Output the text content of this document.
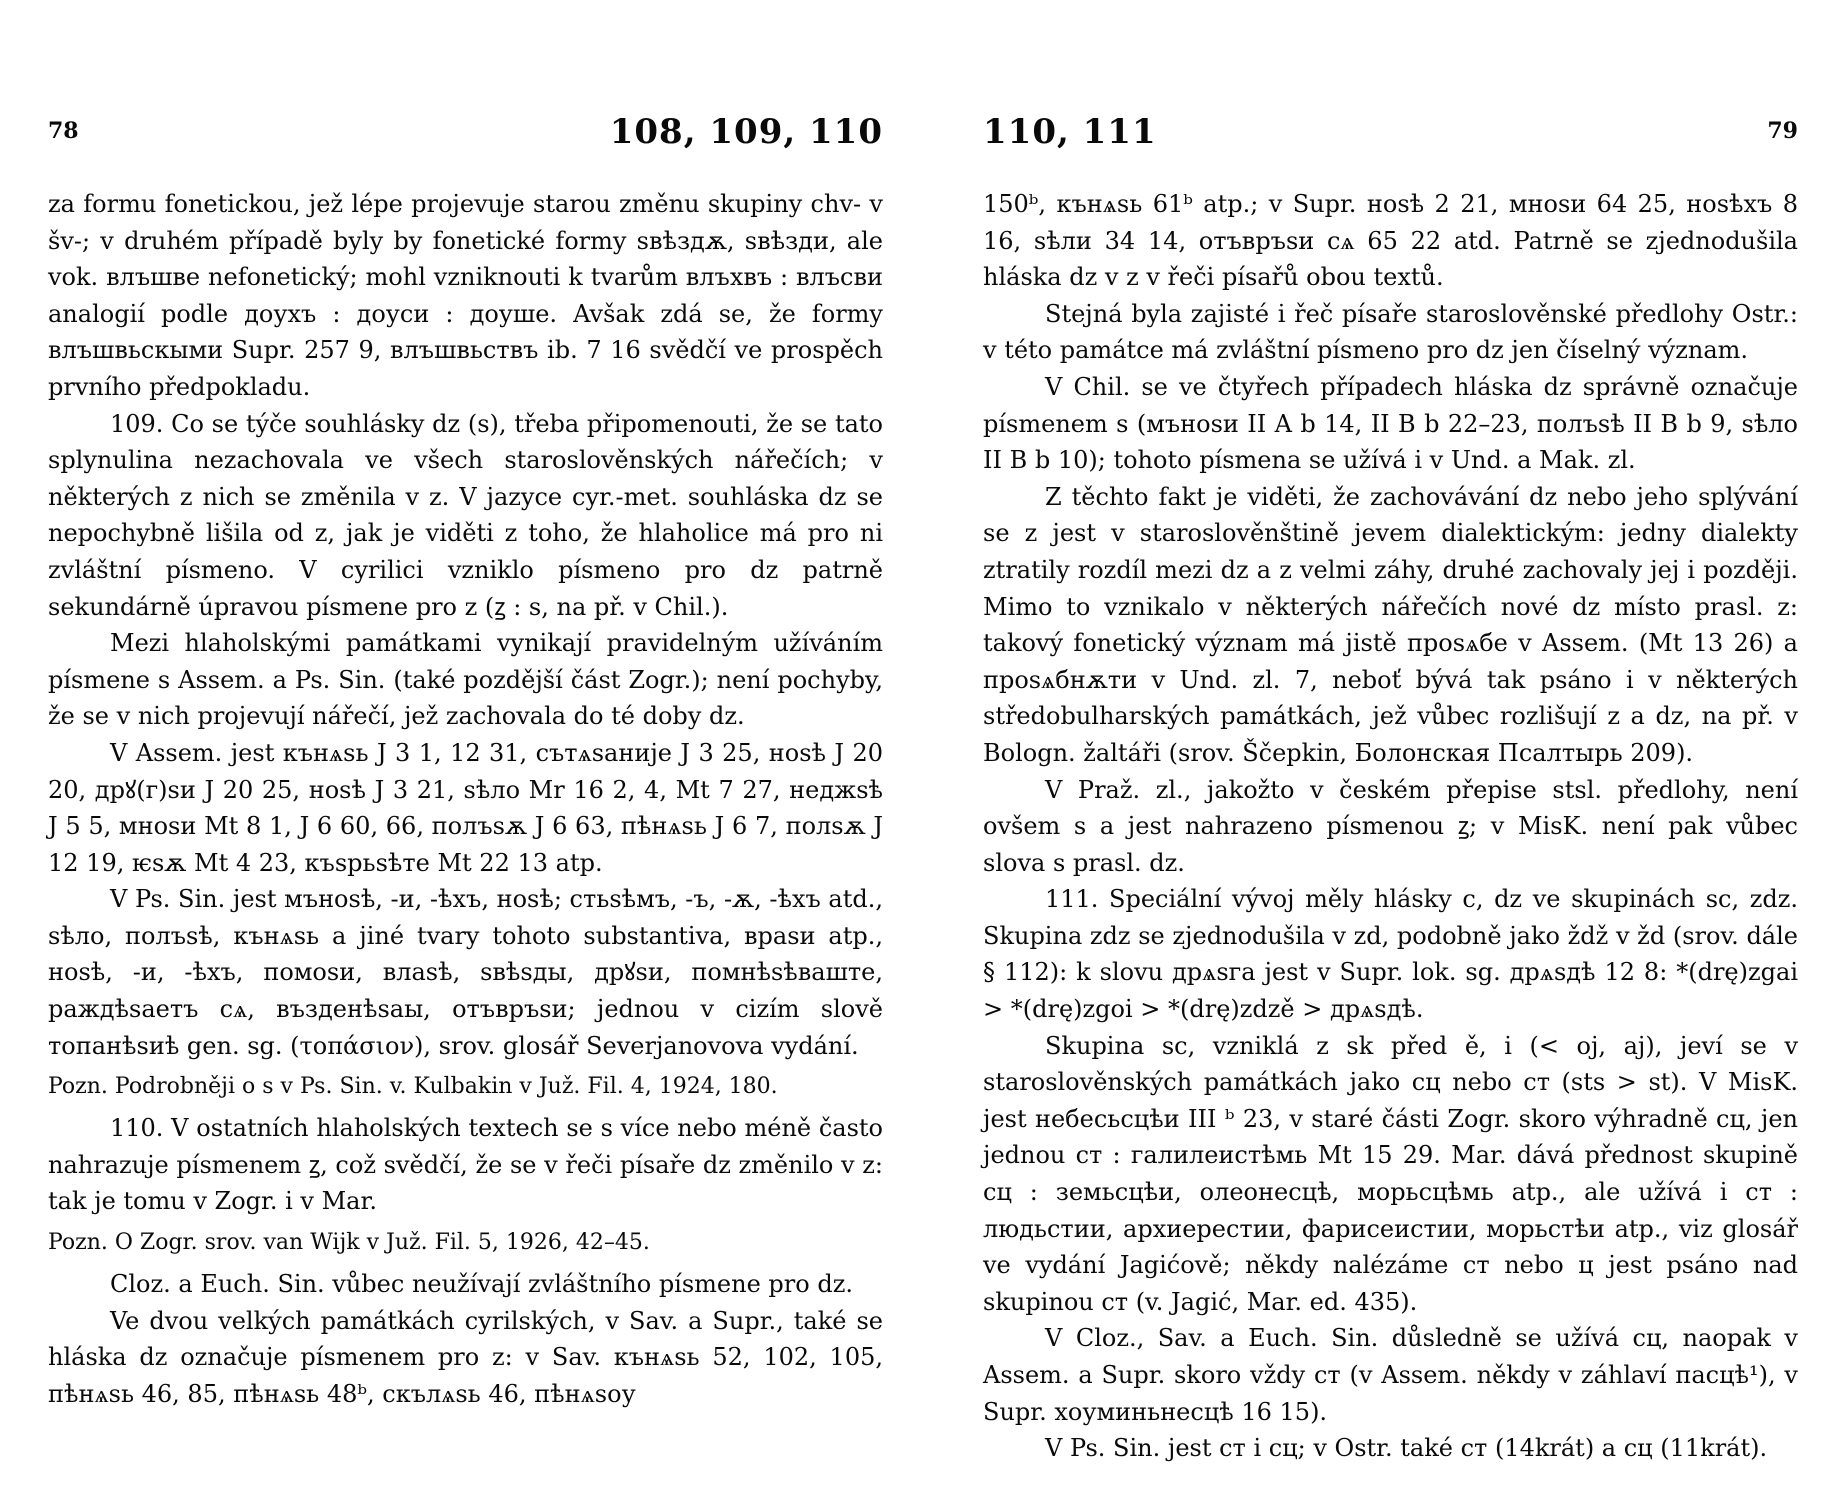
78	108, 109, 110

za formu fonetickou, jež lépe projevuje starou změnu skupiny chv- v šv-; v druhém případě byly by fonetické formy ѕвѣздѫ, ѕвѣзди, ale vok. влъшве nefonetický; mohl vzniknouti k tvarům влъхвъ : влъсви analogií podle доухъ : доуси : доуше. Avšak zdá se, že formy влъшвьскыми Supr. 257 9, влъшвьствъ ib. 7 16 svědčí ve prospěch prvního předpokladu.

109. Co se týče souhlásky dz (ѕ), třeba připomenouti, že se tato splynulina nezachovala ve všech staroslověnských nářečích; v některých z nich se změnila v z. V jazyce cyr.-met. souhláska dz se nepochybně lišila od z, jak je viděti z toho, že hlaholice má pro ni zvláštní písmeno. V cyrilici vzniklo písmeno pro dz patrně sekundárně úpravou písmene pro z (ꙁ : ѕ, na př. v Chil.).

Mezi hlaholskými památkami vynikají pravidelným užíváním písmene ѕ Assem. a Ps. Sin. (také pozdější část Zogr.); není pochyby, že se v nich projevují nářečí, jež zachovala do té doby dz.

V Assem. jest кънѧѕь J 3 1, 12 31, сътѧѕаније J 3 25, ноѕѣ J 20 20, дрꙋ(г)ѕи J 20 25, ноѕѣ J 3 21, ѕѣло Mr 16 2, 4, Mt 7 27, неджѕѣ J 5 5, мноѕи Mt 8 1, J 6 60, 66, полъѕѫ J 6 63, пѣнѧѕь J 6 7, полѕѫ J 12 19, ѥѕѫ Mt 4 23, къѕрьѕѣте Mt 22 13 atp.

V Ps. Sin. jest мъноѕѣ, -и, -ѣхъ, ноѕѣ; стьѕѣмъ, -ъ, -ѫ, -ѣхъ atd., ѕѣло, полъѕѣ, кънѧѕь a jiné tvary tohoto substantiva, враѕи atp., ноѕѣ, -и, -ѣхъ, помоѕи, влаѕѣ, ѕвѣѕды, дрꙋѕи, помнѣѕѣваште, раждѣѕаетъ сѧ, възденѣѕаы, отъвръѕи; jednou v cizím slově топанѣѕиѣ gen. sg. (τοπάσιον), srov. glosář Severjanovova vydání.

Pozn. Podrobněji o ѕ v Ps. Sin. v. Kulbakin v Juž. Fil. 4, 1924, 180.

110. V ostatních hlaholských textech se ѕ více nebo méně často nahrazuje písmenem ꙁ, což svědčí, že se v řeči písaře dz změnilo v z: tak je tomu v Zogr. i v Mar.

Pozn. O Zogr. srov. van Wijk v Juž. Fil. 5, 1926, 42–45.

Cloz. a Euch. Sin. vůbec neužívají zvláštního písmene pro dz.

Ve dvou velkých památkách cyrilských, v Sav. a Supr., také se hláska dz označuje písmenem pro z: v Sav. кънѧѕь 52, 102, 105, пѣнѧѕь 46, 85, пѣнѧѕь 48ᵇ, скълѧѕь 46, пѣнѧѕоу

110, 111	79

150ᵇ, кънѧѕь 61ᵇ atp.; v Supr. ноѕѣ 2 21, мноѕи 64 25, ноѕѣхъ 8 16, ѕѣли 34 14, отъвръѕи сѧ 65 22 atd. Patrně se zjednodušila hláska dz v z v řeči písařů obou textů.

Stejná byla zajisté i řeč písaře staroslověnské předlohy Ostr.: v této památce má zvláštní písmeno pro dz jen číselný význam.

V Chil. se ve čtyřech případech hláska dz správně označuje písmenem ѕ (мъноѕи II A b 14, II B b 22–23, полъѕѣ II B b 9, ѕѣло II B b 10); tohoto písmena se užívá i v Und. a Mak. zl.

Z těchto fakt je viděti, že zachovávání dz nebo jeho splývání se z jest v staroslověnštině jevem dialektickým: jedny dialekty ztratily rozdíl mezi dz a z velmi záhy, druhé zachovaly jej i později. Mimo to vznikalo v některých nářečích nové dz místo prasl. z: takový fonetický význam má jistě проѕѧбе v Assem. (Mt 13 26) a проѕѧбнѫти v Und. zl. 7, neboť bývá tak psáno i v některých středobulharských památkách, jež vůbec rozlišují z a dz, na př. v Bologn. žaltáři (srov. Ščepkin, Болонская Псалтырь 209).

V Praž. zl., jakožto v českém přepise stsl. předlohy, není ovšem ѕ a jest nahrazeno písmenou ꙁ; v MisK. není pak vůbec slova s prasl. dz.

111. Speciální vývoj měly hlásky c, dz ve skupinách sc, zdz. Skupina zdz se zjednodušila v zd, podobně jako ždž v žd (srov. dále § 112): k slovu дрѧѕга jest v Supr. lok. sg. дрѧѕдѣ 12 8: *(drę)zgai > *(drę)zgoi > *(drę)zdzě > дрѧѕдѣ.

Skupina sc, vzniklá z sk před ě, i (< oj, aj), jeví se v staroslověnských památkách jako сц nebo ст (sts > st). V MisK. jest небесьсцѣи III ᵇ 23, v staré části Zogr. skoro výhradně сц, jen jednou ст : галилеистѣмь Mt 15 29. Mar. dává přednost skupině сц : земьсцѣи, олеонесцѣ, морьсцѣмь atp., ale užívá i ст : людьстии, архиерестии, фарисеистии, морьстѣи atp., viz glosář ve vydání Jagićově; někdy nalézáme ст nebo ц jest psáno nad skupinou ст (v. Jagić, Mar. ed. 435).

V Cloz., Sav. a Euch. Sin. důsledně se užívá сц, naopak v Assem. a Supr. skoro vždy ст (v Assem. někdy v záhlaví пасцѣ¹), v Supr. хоуминьнесцѣ 16 15).

V Ps. Sin. jest ст i сц; v Ostr. také ст (14krát) a сц (11krát).
